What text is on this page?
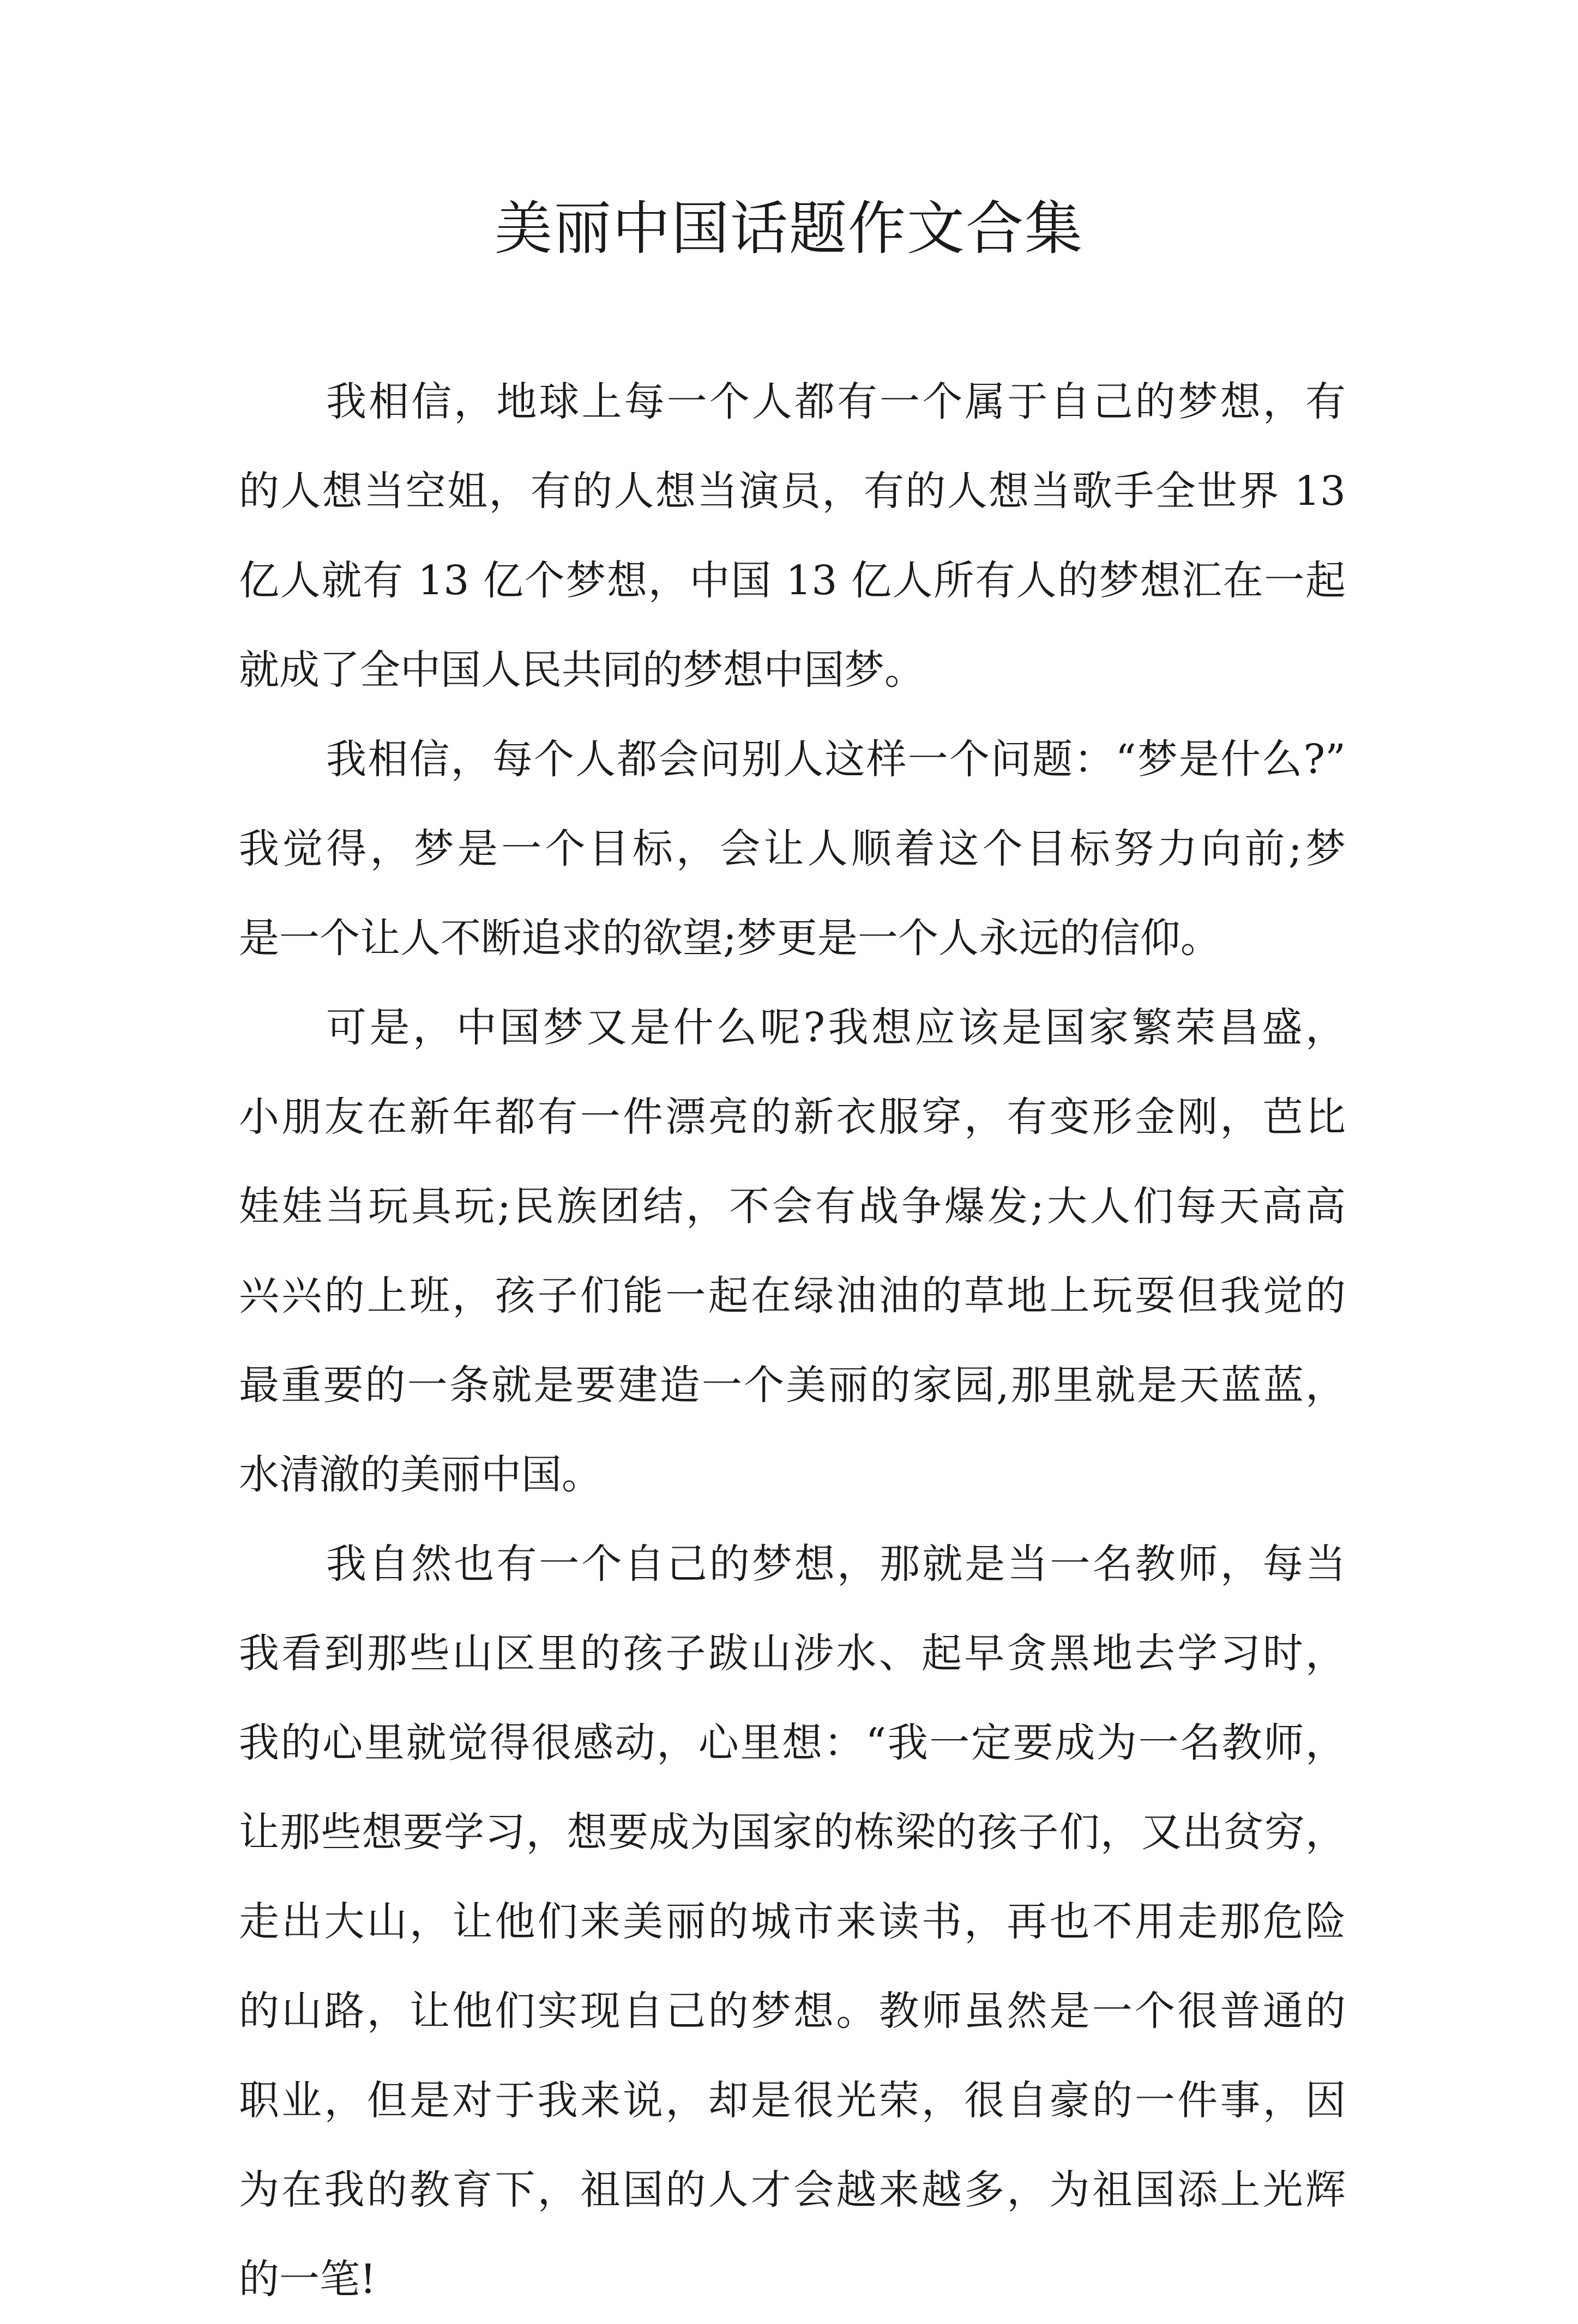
美丽中国话题作文合集
我相信，地球上每一个人都有一个属于自己的梦想，有
的人想当空姐，有的人想当演员，有的人想当歌手全世界 13
亿人就有 13 亿个梦想，中国 13 亿人所有人的梦想汇在一起
就成了全中国人民共同的梦想中国梦。
我相信，每个人都会问别人这样一个问题：“梦是什么?”
我觉得，梦是一个目标，会让人顺着这个目标努力向前;梦
是一个让人不断追求的欲望;梦更是一个人永远的信仰。
可是，中国梦又是什么呢?我想应该是国家繁荣昌盛，
小朋友在新年都有一件漂亮的新衣服穿，有变形金刚，芭比
娃娃当玩具玩;民族团结，不会有战争爆发;大人们每天高高
兴兴的上班，孩子们能一起在绿油油的草地上玩耍但我觉的
最重要的一条就是要建造一个美丽的家园,那里就是天蓝蓝，
水清澈的美丽中国。
我自然也有一个自己的梦想，那就是当一名教师，每当
我看到那些山区里的孩子跋山涉水、起早贪黑地去学习时，
我的心里就觉得很感动，心里想：“我一定要成为一名教师，
让那些想要学习，想要成为国家的栋梁的孩子们，又出贫穷，
走出大山，让他们来美丽的城市来读书，再也不用走那危险
的山路，让他们实现自己的梦想。教师虽然是一个很普通的
职业，但是对于我来说，却是很光荣，很自豪的一件事，因
为在我的教育下，祖国的人才会越来越多，为祖国添上光辉
的一笔!
